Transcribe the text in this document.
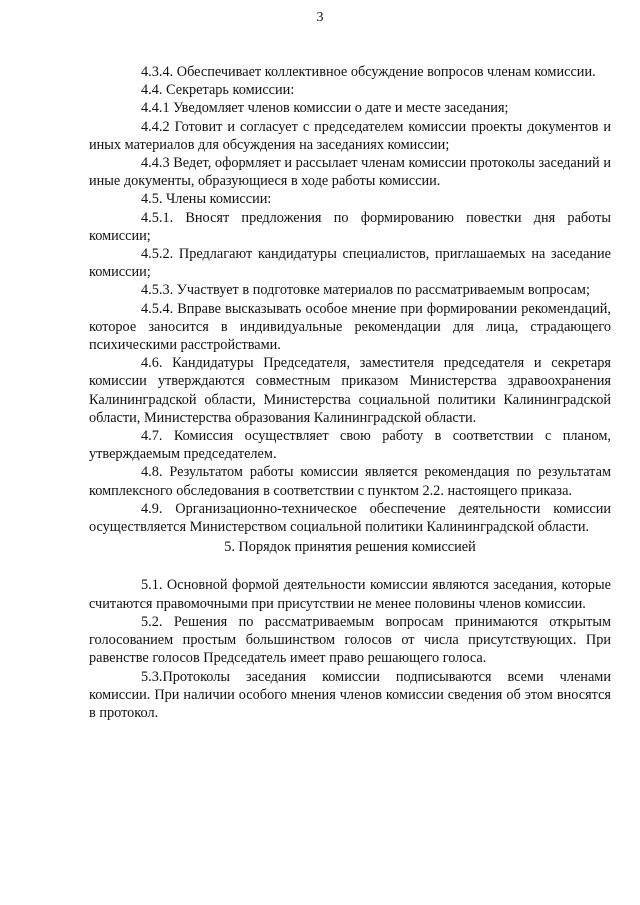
3

4.3.4. Обеспечивает коллективное обсуждение вопросов членам комиссии.

4.4. Секретарь комиссии:

4.4.1 Уведомляет членов комиссии о дате и месте заседания;

4.4.2 Готовит и согласует с председателем комиссии проекты документов и иных материалов для обсуждения на заседаниях комиссии;

4.4.3 Ведет, оформляет и рассылает членам комиссии протоколы заседаний и иные документы, образующиеся в ходе работы комиссии.

4.5. Члены комиссии:

4.5.1. Вносят предложения по формированию повестки дня работы комиссии;

4.5.2. Предлагают кандидатуры специалистов, приглашаемых на заседание комиссии;

4.5.3. Участвует в подготовке материалов по рассматриваемым вопросам;

4.5.4. Вправе высказывать особое мнение при формировании рекомендаций, которое заносится в индивидуальные рекомендации для лица, страдающего психическими расстройствами.

4.6. Кандидатуры Председателя, заместителя председателя и секретаря комиссии утверждаются совместным приказом Министерства здравоохранения Калининградской области, Министерства социальной политики Калининградской области, Министерства образования Калининградской области.

4.7. Комиссия осуществляет свою работу в соответствии с планом, утверждаемым председателем.

4.8. Результатом работы комиссии является рекомендация по результатам комплексного обследования в соответствии с пунктом 2.2. настоящего приказа.

4.9. Организационно-техническое обеспечение деятельности комиссии осуществляется Министерством социальной политики Калининградской области.

5. Порядок принятия решения комиссией

5.1. Основной формой деятельности комиссии являются заседания, которые считаются правомочными при присутствии не менее половины членов комиссии.

5.2. Решения по рассматриваемым вопросам принимаются открытым голосованием простым большинством голосов от числа присутствующих. При равенстве голосов Председатель имеет право решающего голоса.

5.3.Протоколы заседания комиссии подписываются всеми членами комиссии. При наличии особого мнения членов комиссии сведения об этом вносятся в протокол.
